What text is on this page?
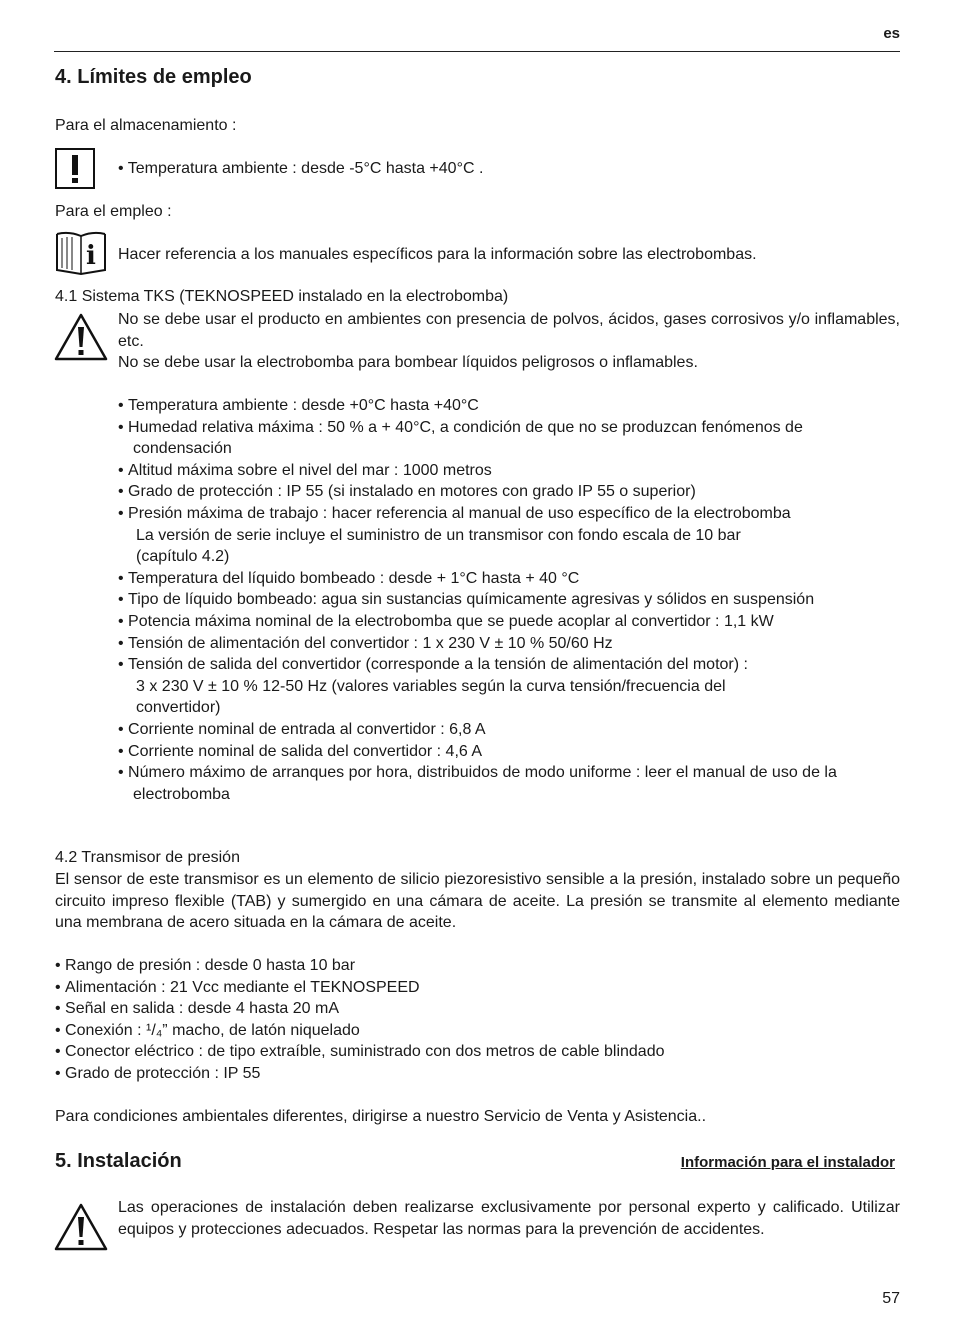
es
4. Límites de empleo
Para el almacenamiento :
• Temperatura ambiente : desde -5°C hasta +40°C .
Para el empleo :
i Hacer referencia a los manuales específicos para la información sobre las electrobombas.
4.1 Sistema TKS (TEKNOSPEED instalado en la electrobomba)
No se debe usar el producto en ambientes con presencia de polvos, ácidos, gases corrosivos y/o inflamables, etc.
No se debe usar la electrobomba para bombear líquidos peligrosos o inflamables.
• Temperatura ambiente : desde +0°C hasta +40°C
• Humedad relativa máxima : 50 % a + 40°C, a condición de que no se produzcan fenómenos de condensación
• Altitud máxima sobre el nivel del mar : 1000 metros
• Grado de protección : IP 55 (si instalado en motores con grado IP 55 o superior)
• Presión máxima de trabajo : hacer referencia al manual de uso específico de la electrobomba
La versión de serie incluye el suministro de un transmisor con fondo escala de 10 bar
(capítulo 4.2)
• Temperatura del líquido bombeado : desde + 1°C hasta + 40 °C
• Tipo de líquido bombeado: agua sin sustancias químicamente agresivas y sólidos en suspensión
• Potencia máxima nominal de la electrobomba que se puede acoplar al convertidor : 1,1 kW
• Tensión de alimentación del convertidor : 1 x 230 V ± 10 % 50/60 Hz
• Tensión de salida del convertidor (corresponde a la tensión de alimentación del motor) :
3 x 230 V ± 10 % 12-50 Hz (valores variables según la curva tensión/frecuencia del
convertidor)
• Corriente nominal de entrada al convertidor : 6,8 A
• Corriente nominal de salida del convertidor : 4,6 A
• Número máximo de arranques por hora, distribuidos de modo uniforme : leer el manual de uso de la electrobomba
4.2 Transmisor de presión
El sensor de este transmisor es un elemento de silicio piezoresistivo sensible a la presión, instalado sobre un pequeño circuito impreso flexible (TAB) y sumergido en una cámara de aceite. La presión se transmite al elemento mediante una membrana de acero situada en la cámara de aceite.
• Rango de presión : desde 0 hasta 10 bar
• Alimentación : 21 Vcc mediante el TEKNOSPEED
• Señal en salida : desde 4 hasta 20 mA
• Conexión : ¹/₄” macho, de latón niquelado
• Conector eléctrico : de tipo extraíble, suministrado con dos metros de cable blindado
• Grado de protección : IP 55
Para condiciones ambientales diferentes, dirigirse a nuestro Servicio de Venta y Asistencia..
5. Instalación	Información para el instalador
Las operaciones de instalación deben realizarse exclusivamente por personal experto y calificado. Utilizar equipos y protecciones adecuados. Respetar las normas para la prevención de accidentes.
57
